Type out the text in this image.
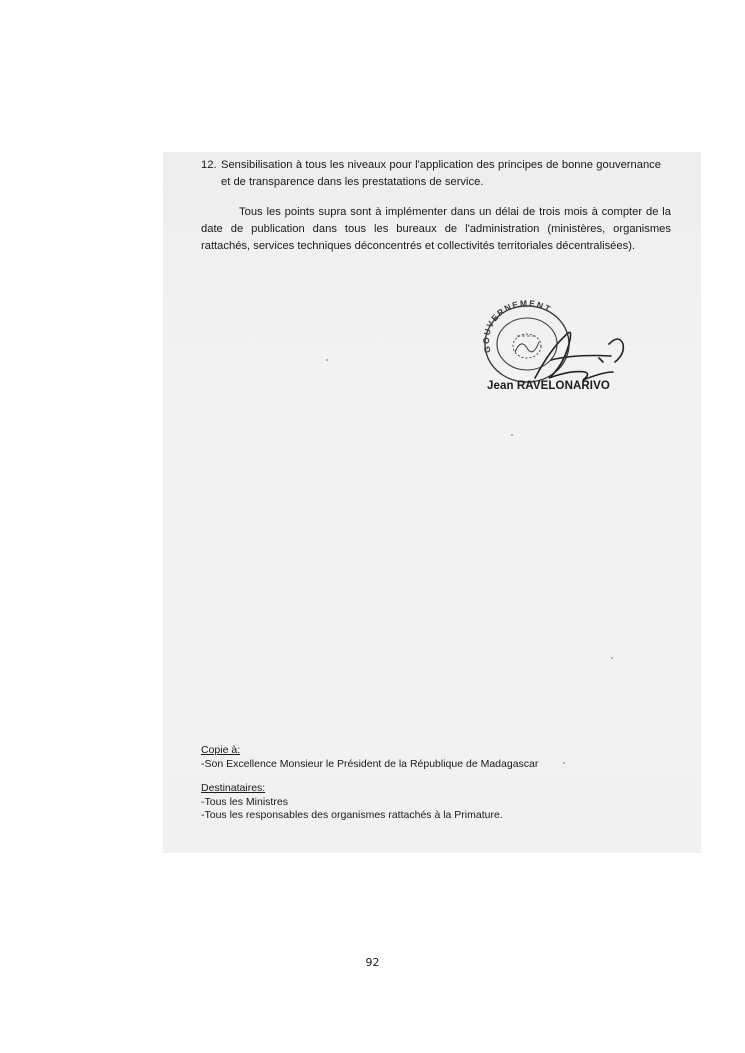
12. Sensibilisation à tous les niveaux pour l'application des principes de bonne gouvernance et de transparence dans les prestatations de service.

Tous les points supra sont à implémenter dans un délai de trois mois à compter de la date de publication dans tous les bureaux de l'administration (ministères, organismes rattachés, services techniques déconcentrés et collectivités territoriales décentralisées).

GOUVERNEMENT
Jean RAVELONARIVO
Copie à:
-Son Excellence Monsieur le Président de la République de Madagascar
Destinataires:
-Tous les Ministres
-Tous les responsables des organismes rattachés à la Primature.
92
